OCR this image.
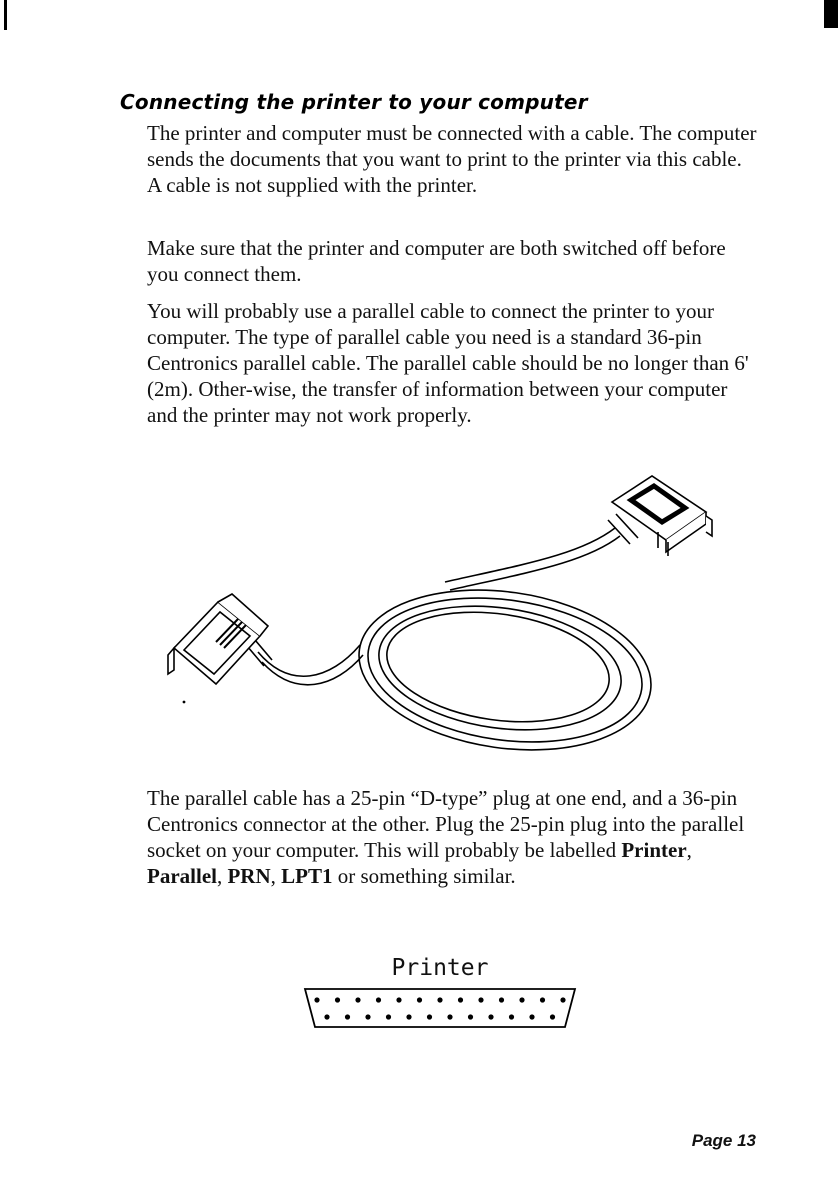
Connecting the printer to your computer

The printer and computer must be connected with a cable. The computer sends the documents that you want to print to the printer via this cable. A cable is not supplied with the printer.

Make sure that the printer and computer are both switched off before you connect them.

You will probably use a parallel cable to connect the printer to your computer. The type of parallel cable you need is a standard 36-pin Centronics parallel cable. The parallel cable should be no longer than 6' (2m). Other-wise, the transfer of information between your computer and the printer may not work properly.

The parallel cable has a 25-pin “D-type” plug at one end, and a 36-pin Centronics connector at the other. Plug the 25-pin plug into the parallel socket on your computer. This will probably be labelled Printer, Parallel, PRN, LPT1 or something similar.

Printer

Page 13
